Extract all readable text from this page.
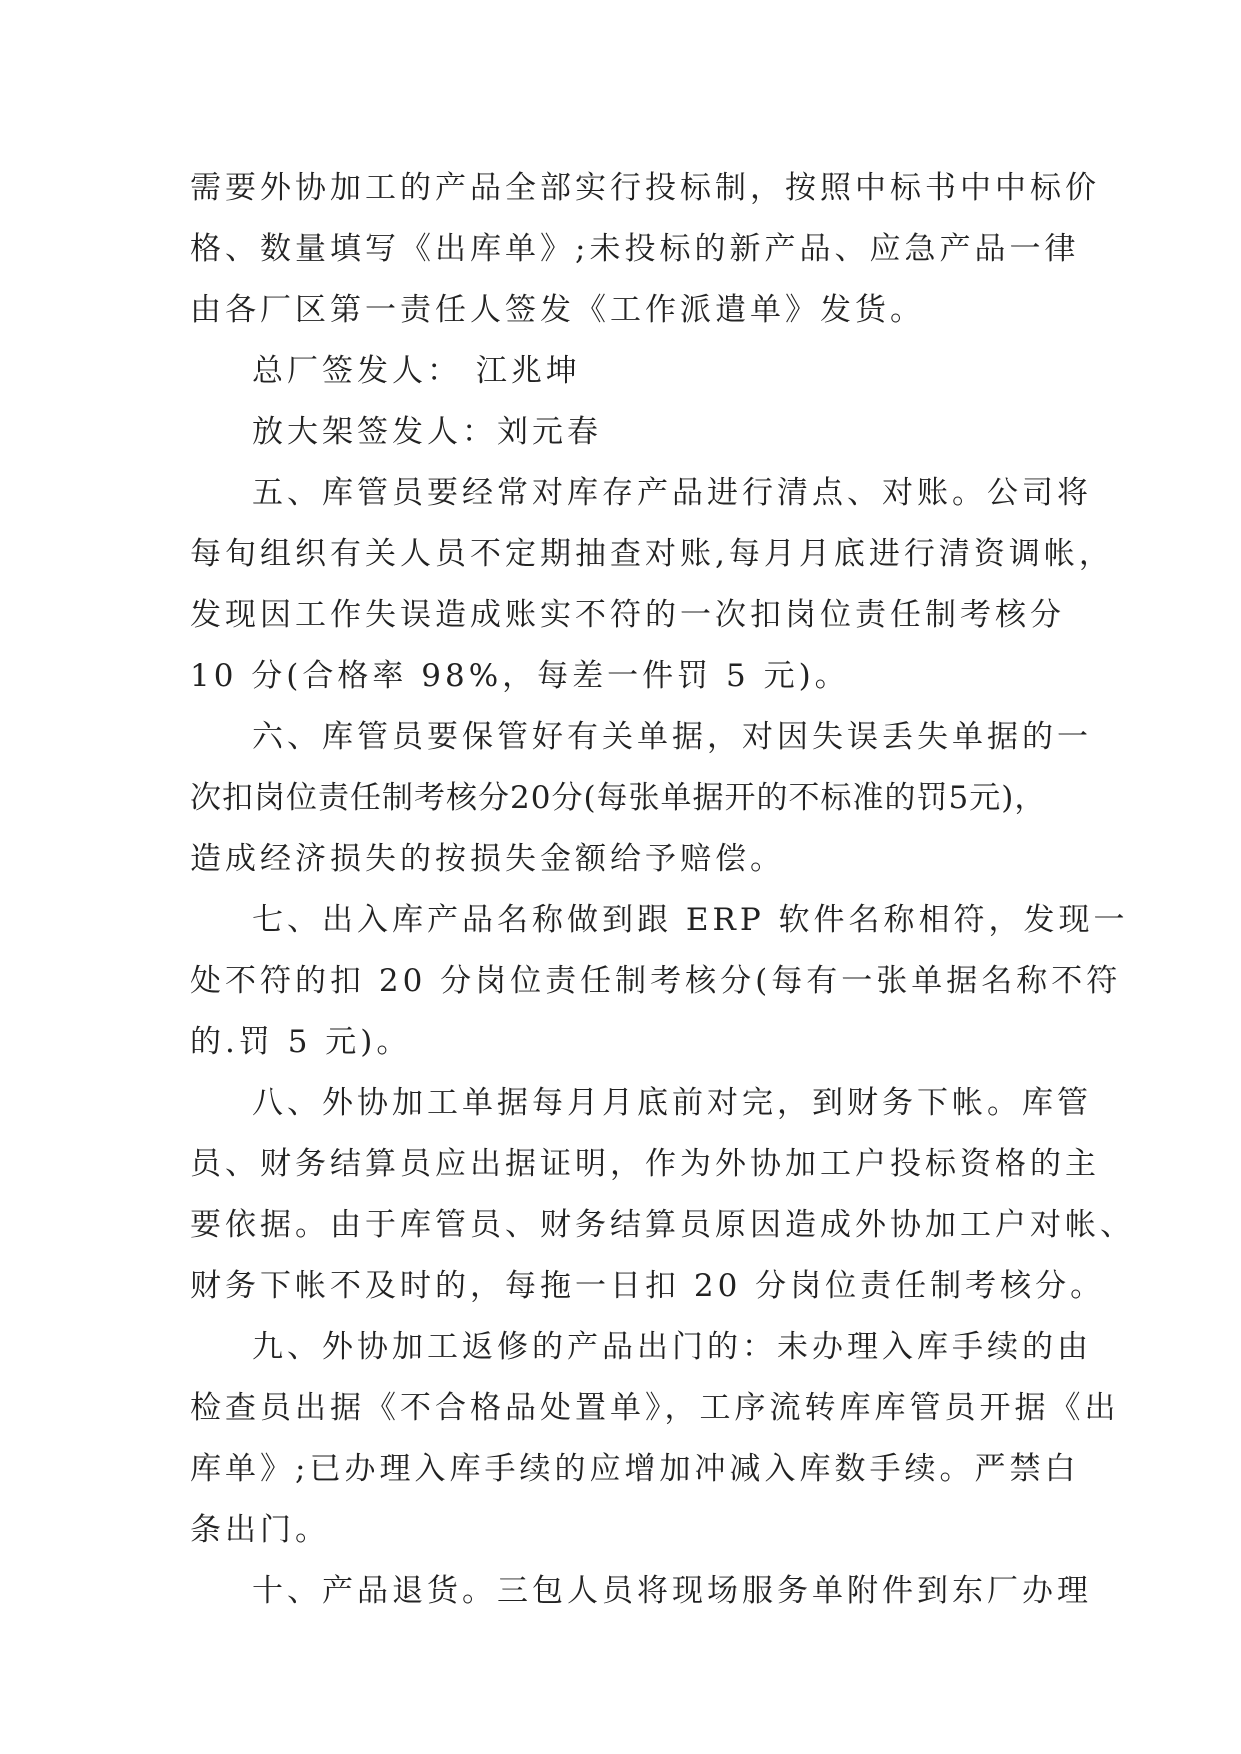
需要外协加工的产品全部实行投标制，按照中标书中中标价
格、数量填写《出库单》;未投标的新产品、应急产品一律
由各厂区第一责任人签发《工作派遣单》发货。

总厂签发人： 江兆坤

放大架签发人：刘元春

五、库管员要经常对库存产品进行清点、对账。公司将
每旬组织有关人员不定期抽查对账,每月月底进行清资调帐，
发现因工作失误造成账实不符的一次扣岗位责任制考核分
10 分(合格率 98%，每差一件罚 5 元)。
六、库管员要保管好有关单据，对因失误丢失单据的一
次扣岗位责任制考核分20分(每张单据开的不标准的罚5元)，
造成经济损失的按损失金额给予赔偿。
七、出入库产品名称做到跟 ERP 软件名称相符，发现一
处不符的扣 20 分岗位责任制考核分(每有一张单据名称不符
的.罚 5 元)。
八、外协加工单据每月月底前对完，到财务下帐。库管
员、财务结算员应出据证明，作为外协加工户投标资格的主
要依据。由于库管员、财务结算员原因造成外协加工户对帐、
财务下帐不及时的，每拖一日扣 20 分岗位责任制考核分。
九、外协加工返修的产品出门的：未办理入库手续的由
检查员出据《不合格品处置单》，工序流转库库管员开据《出
库单》;已办理入库手续的应增加冲减入库数手续。严禁白
条出门。
十、产品退货。三包人员将现场服务单附件到东厂办理
